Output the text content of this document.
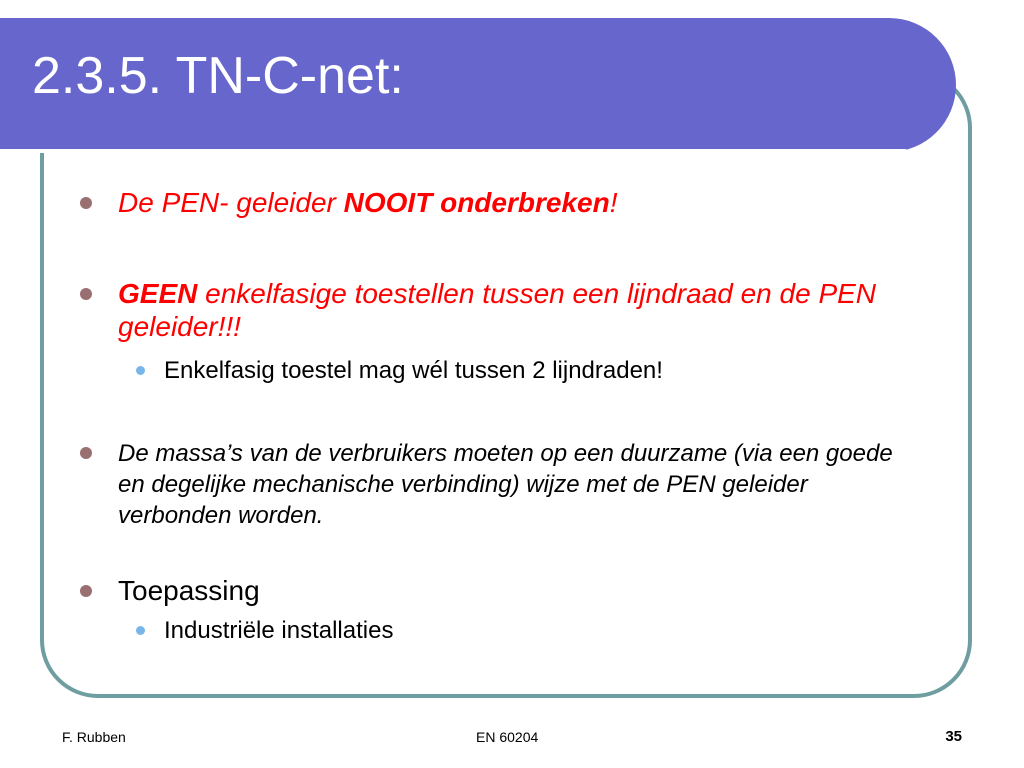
2.3.5. TN-C-net:

De PEN- geleider NOOIT onderbreken!

GEEN enkelfasige toestellen tussen een lijndraad en de PEN geleider!!!

Enkelfasig toestel mag wél tussen 2 lijndraden!

De massa’s van de verbruikers moeten op een duurzame (via een goede en degelijke mechanische verbinding) wijze met de PEN geleider verbonden worden.

Toepassing

Industriële installaties

F. Rubben	EN 60204	35
